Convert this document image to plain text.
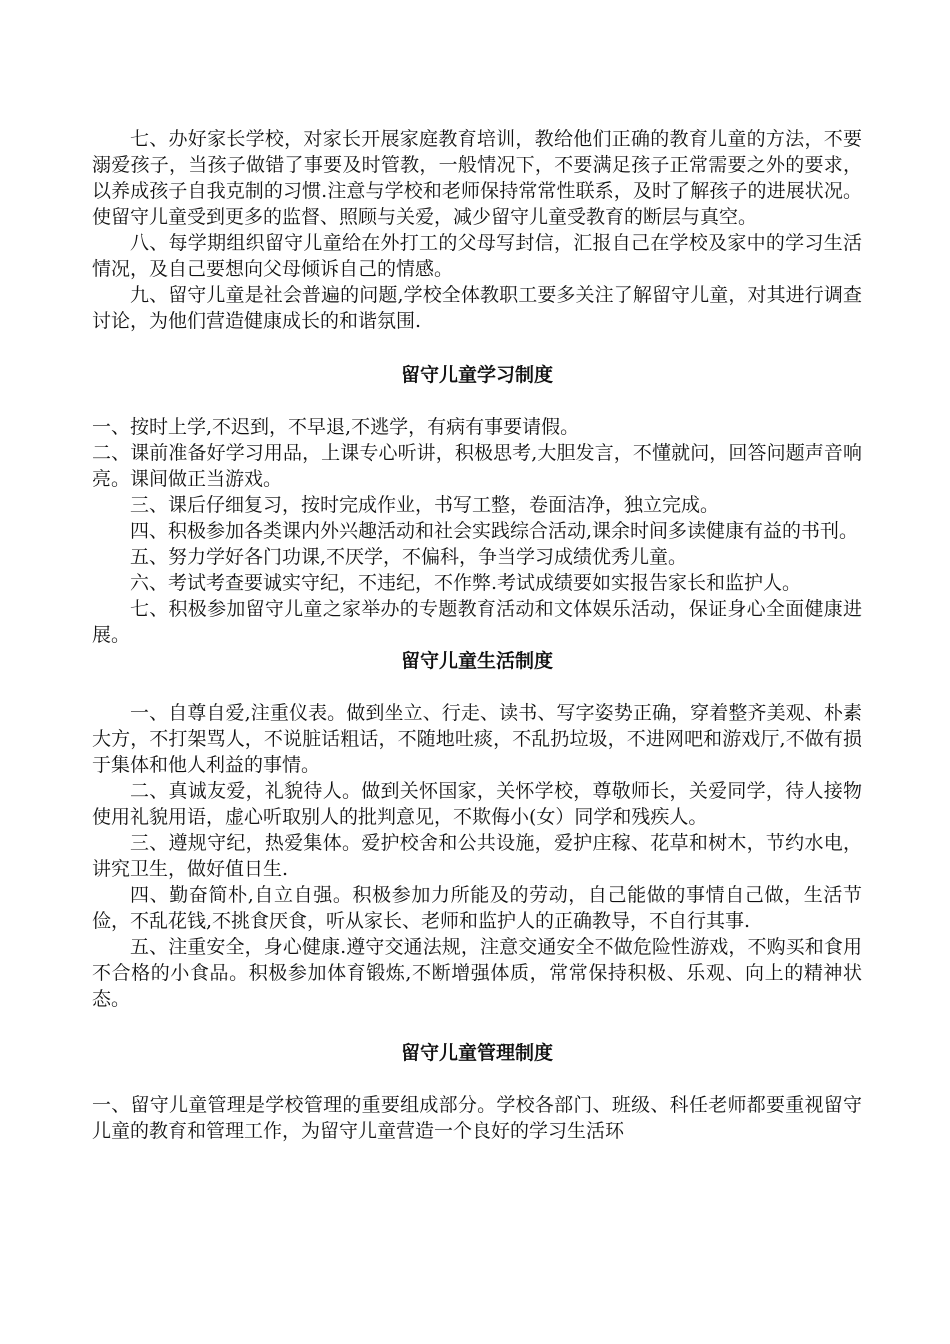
七、办好家长学校，对家长开展家庭教育培训，教给他们正确的教育儿童的方法，不要溺爱孩子，当孩子做错了事要及时管教，一般情况下，不要满足孩子正常需要之外的要求，以养成孩子自我克制的习惯.注意与学校和老师保持常常性联系，及时了解孩子的进展状况。使留守儿童受到更多的监督、照顾与关爱，减少留守儿童受教育的断层与真空。

八、每学期组织留守儿童给在外打工的父母写封信，汇报自己在学校及家中的学习生活情况，及自己要想向父母倾诉自己的情感。

九、留守儿童是社会普遍的问题,学校全体教职工要多关注了解留守儿童，对其进行调查讨论，为他们营造健康成长的和谐氛围.

留守儿童学习制度

一、按时上学,不迟到，不早退,不逃学，有病有事要请假。

二、课前准备好学习用品，上课专心听讲，积极思考,大胆发言，不懂就问，回答问题声音响亮。课间做正当游戏。

三、课后仔细复习，按时完成作业，书写工整，卷面洁净，独立完成。

四、积极参加各类课内外兴趣活动和社会实践综合活动,课余时间多读健康有益的书刊。

五、努力学好各门功课,不厌学，不偏科，争当学习成绩优秀儿童。

六、考试考查要诚实守纪，不违纪，不作弊.考试成绩要如实报告家长和监护人。

七、积极参加留守儿童之家举办的专题教育活动和文体娱乐活动，保证身心全面健康进展。

留守儿童生活制度

一、自尊自爱,注重仪表。做到坐立、行走、读书、写字姿势正确，穿着整齐美观、朴素大方，不打架骂人，不说脏话粗话，不随地吐痰，不乱扔垃圾，不进网吧和游戏厅,不做有损于集体和他人利益的事情。

二、真诚友爱，礼貌待人。做到关怀国家，关怀学校，尊敬师长，关爱同学，待人接物使用礼貌用语，虚心听取别人的批判意见，不欺侮小(女）同学和残疾人。

三、遵规守纪，热爱集体。爱护校舍和公共设施，爱护庄稼、花草和树木，节约水电，讲究卫生，做好值日生.

四、勤奋简朴,自立自强。积极参加力所能及的劳动，自己能做的事情自己做，生活节俭，不乱花钱,不挑食厌食，听从家长、老师和监护人的正确教导，不自行其事.

五、注重安全，身心健康.遵守交通法规，注意交通安全不做危险性游戏，不购买和食用不合格的小食品。积极参加体育锻炼,不断增强体质，常常保持积极、乐观、向上的精神状态。

留守儿童管理制度

一、留守儿童管理是学校管理的重要组成部分。学校各部门、班级、科任老师都要重视留守儿童的教育和管理工作，为留守儿童营造一个良好的学习生活环
